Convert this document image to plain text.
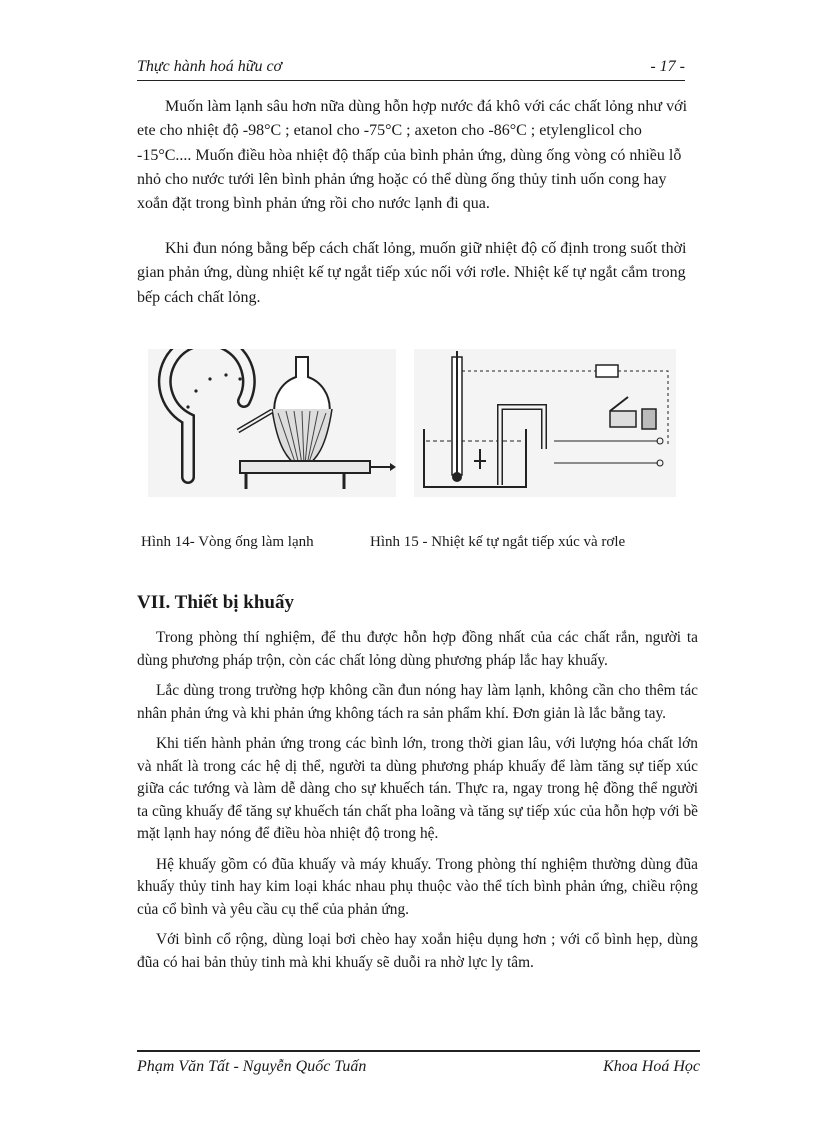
Thực hành hoá hữu cơ	- 17 -

Muốn làm lạnh sâu hơn nữa dùng hỗn hợp nước đá khô với các chất lỏng như với ete cho nhiệt độ -98°C ; etanol cho -75°C ; axeton cho -86°C ; etylenglicol cho -15°C.... Muốn điều hòa nhiệt độ thấp của bình phản ứng, dùng ống vòng có nhiều lỗ nhỏ cho nước tưới lên bình phản ứng hoặc có thể dùng ống thủy tinh uốn cong hay xoắn đặt trong bình phản ứng rồi cho nước lạnh đi qua.

Khi đun nóng bằng bếp cách chất lỏng, muốn giữ nhiệt độ cố định trong suốt thời gian phản ứng, dùng nhiệt kế tự ngắt tiếp xúc nối với rơle. Nhiệt kế tự ngắt cắm trong bếp cách chất lỏng.

Hình 14- Vòng ống làm lạnh	Hình 15 - Nhiệt kế tự ngắt tiếp xúc và rơle
VII. Thiết bị khuấy

Trong phòng thí nghiệm, để thu được hỗn hợp đồng nhất của các chất rắn, người ta dùng phương pháp trộn, còn các chất lỏng dùng phương pháp lắc hay khuấy.

Lắc dùng trong trường hợp không cần đun nóng hay làm lạnh, không cần cho thêm tác nhân phản ứng và khi phản ứng không tách ra sản phẩm khí. Đơn giản là lắc bằng tay.

Khi tiến hành phản ứng trong các bình lớn, trong thời gian lâu, với lượng hóa chất lớn và nhất là trong các hệ dị thể, người ta dùng phương pháp khuấy để làm tăng sự tiếp xúc giữa các tướng và làm dễ dàng cho sự khuếch tán. Thực ra, ngay trong hệ đồng thể người ta cũng khuấy để tăng sự khuếch tán chất pha loãng và tăng sự tiếp xúc của hỗn hợp với bề mặt lạnh hay nóng để điều hòa nhiệt độ trong hệ.

Hệ khuấy gồm có đũa khuấy và máy khuấy. Trong phòng thí nghiệm thường dùng đũa khuấy thủy tinh hay kim loại khác nhau phụ thuộc vào thể tích bình phản ứng, chiều rộng của cổ bình và yêu cầu cụ thể của phản ứng.

Với bình cổ rộng, dùng loại bơi chèo hay xoắn hiệu dụng hơn ; với cổ bình hẹp, dùng đũa có hai bản thủy tinh mà khi khuấy sẽ duỗi ra nhờ lực ly tâm.

Phạm Văn Tất - Nguyễn Quốc Tuấn	Khoa Hoá Học
